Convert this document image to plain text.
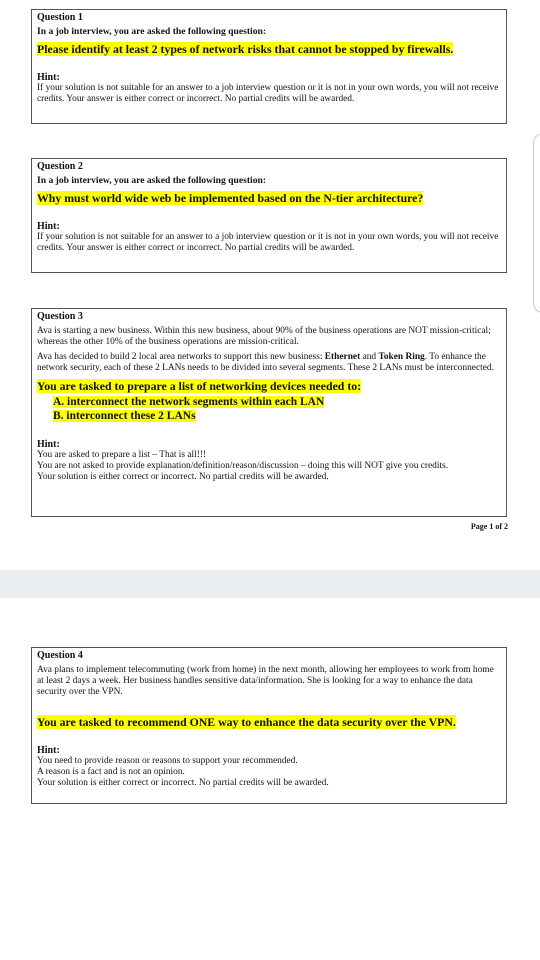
Question 1
In a job interview, you are asked the following question:
Please identify at least 2 types of network risks that cannot be stopped by firewalls.
Hint:
If your solution is not suitable for an answer to a job interview question or it is not in your own words, you will not receive credits. Your answer is either correct or incorrect. No partial credits will be awarded.
Question 2
In a job interview, you are asked the following question:
Why must world wide web be implemented based on the N-tier architecture?
Hint:
If your solution is not suitable for an answer to a job interview question or it is not in your own words, you will not receive credits. Your answer is either correct or incorrect. No partial credits will be awarded.
Question 3
Ava is starting a new business. Within this new business, about 90% of the business operations are NOT mission-critical; whereas the other 10% of the business operations are mission-critical.
Ava has decided to build 2 local area networks to support this new business: Ethernet and Token Ring. To enhance the network security, each of these 2 LANs needs to be divided into several segments. These 2 LANs must be interconnected.
You are tasked to prepare a list of networking devices needed to:
A. interconnect the network segments within each LAN
B. interconnect these 2 LANs
Hint:
You are asked to prepare a list – That is all!!!
You are not asked to provide explanation/definition/reason/discussion – doing this will NOT give you credits.
Your solution is either correct or incorrect. No partial credits will be awarded.
Page 1 of 2
Question 4
Ava plans to implement telecommuting (work from home) in the next month, allowing her employees to work from home at least 2 days a week. Her business handles sensitive data/information. She is looking for a way to enhance the data security over the VPN.
You are tasked to recommend ONE way to enhance the data security over the VPN.
Hint:
You need to provide reason or reasons to support your recommended.
A reason is a fact and is not an opinion.
Your solution is either correct or incorrect. No partial credits will be awarded.
